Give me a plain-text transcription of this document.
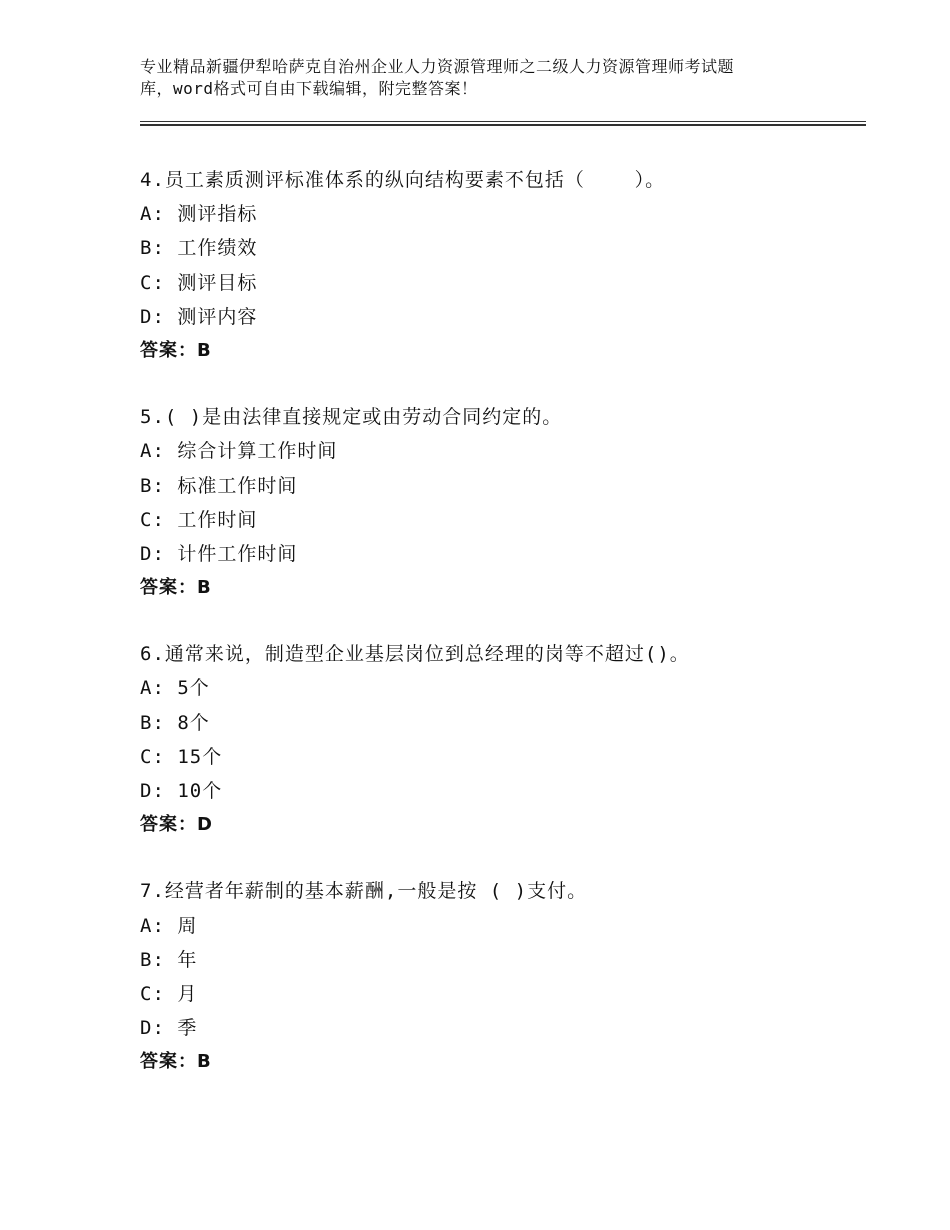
专业精品新疆伊犁哈萨克自治州企业人力资源管理师之二级人力资源管理师考试题
库，word格式可自由下载编辑，附完整答案！
4.员工素质测评标准体系的纵向结构要素不包括（    ）。
A: 测评指标
B: 工作绩效
C: 测评目标
D: 测评内容
答案：B
5.( )是由法律直接规定或由劳动合同约定的。
A: 综合计算工作时间
B: 标准工作时间
C: 工作时间
D: 计件工作时间
答案：B
6.通常来说，制造型企业基层岗位到总经理的岗等不超过()。
A: 5个
B: 8个
C: 15个
D: 10个
答案：D
7.经营者年薪制的基本薪酬,一般是按 ( )支付。
A: 周
B: 年
C: 月
D: 季
答案：B
